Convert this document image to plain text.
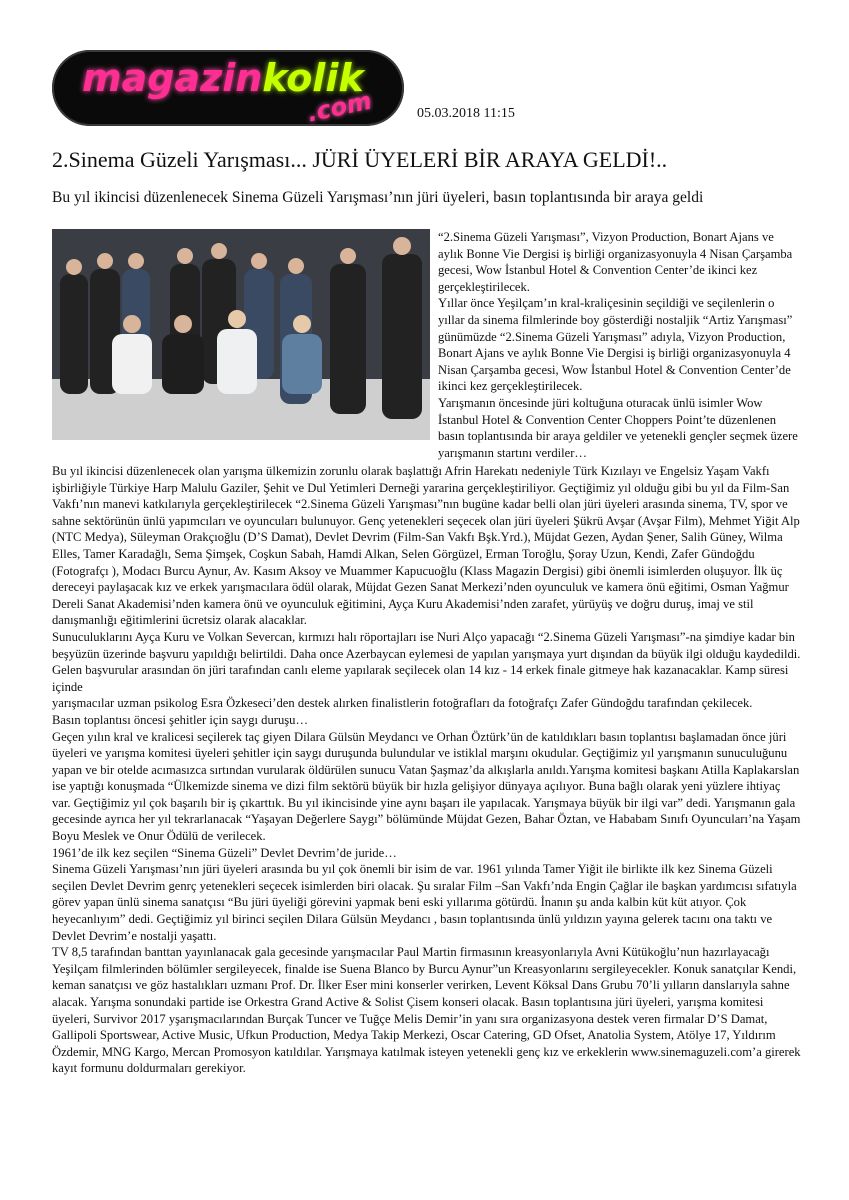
magazinkolik
.com	05.03.2018 11:15
2.Sinema Güzeli Yarışması... JÜRİ ÜYELERİ BİR ARAYA GELDİ!..
Bu yıl ikincisi düzenlenecek Sinema Güzeli Yarışması’nın jüri üyeleri, basın toplantısında bir araya geldi

“2.Sinema Güzeli Yarışması”, Vizyon Production, Bonart Ajans ve aylık Bonne Vie Dergisi iş birliği organizasyonuyla 4 Nisan Çarşamba gecesi, Wow İstanbul Hotel & Convention Center’de ikinci kez gerçekleştirilecek.

Yıllar önce Yeşilçam’ın kral-kraliçesinin seçildiği ve seçilenlerin o yıllar da sinema filmlerinde boy gösterdiği nostaljik “Artiz Yarışması” günümüzde “2.Sinema Güzeli Yarışması” adıyla, Vizyon Production, Bonart Ajans ve aylık Bonne Vie Dergisi iş birliği organizasyonuyla 4 Nisan Çarşamba gecesi, Wow İstanbul Hotel & Convention Center’de ikinci kez gerçekleştirilecek.

Yarışmanın öncesinde jüri koltuğuna oturacak ünlü isimler Wow İstanbul Hotel & Convention Center Choppers Point’te düzenlenen basın toplantısında bir araya geldiler ve yetenekli gençler seçmek üzere yarışmanın startını verdiler…

Bu yıl ikincisi düzenlenecek olan yarışma ülkemizin zorunlu olarak başlattığı Afrin Harekatı nedeniyle Türk Kızılayı ve Engelsiz Yaşam Vakfı işbirliğiyle Türkiye Harp Malulu Gaziler, Şehit ve Dul Yetimleri Derneği yararina gerçekleştiriliyor. Geçtiğimiz yıl olduğu gibi bu yıl da Film-San Vakfı’nın manevi katkılarıyla gerçekleştirilecek “2.Sinema Güzeli Yarışması”nın bugüne kadar belli olan jüri üyeleri arasında sinema, TV, spor ve sahne sektörünün ünlü yapımcıları ve oyuncuları bulunuyor. Genç yetenekleri seçecek olan jüri üyeleri Şükrü Avşar (Avşar Film), Mehmet Yiğit Alp (NTC Medya), Süleyman Orakçıoğlu (D’S Damat), Devlet Devrim (Film-San Vakfı Bşk.Yrd.), Müjdat Gezen, Aydan Şener, Salih Güney, Wilma Elles, Tamer Karadağlı, Sema Şimşek, Coşkun Sabah, Hamdi Alkan, Selen Görgüzel, Erman Toroğlu, Şoray Uzun, Kendi, Zafer Gündoğdu (Fotografçı ), Modacı Burcu Aynur, Av. Kasım Aksoy ve Muammer Kapucuoğlu (Klass Magazin Dergisi) gibi önemli isimlerden oluşuyor. İlk üç dereceyi paylaşacak kız ve erkek yarışmacılara ödül olarak, Müjdat Gezen Sanat Merkezi’nden oyunculuk ve kamera önü eğitimi, Osman Yağmur Dereli Sanat Akademisi’nden kamera önü ve oyunculuk eğitimini, Ayça Kuru Akademisi’nden zarafet, yürüyüş ve doğru duruş, imaj ve stil danışmanlığı eğitimlerini ücretsiz olarak alacaklar.

Sunuculuklarını Ayça Kuru ve Volkan Severcan, kırmızı halı röportajları ise Nuri Alço yapacağı “2.Sinema Güzeli Yarışması”-na şimdiye kadar bin beşyüzün üzerinde başvuru yapıldığı belirtildi. Daha once Azerbaycan eylemesi de yapılan yarışmaya yurt dışından da büyük ilgi olduğu kaydedildi. Gelen başvurular arasından ön jüri tarafından canlı eleme yapılarak seçilecek olan 14 kız - 14 erkek finale gitmeye hak kazanacaklar. Kamp süresi içinde

yarışmacılar uzman psikolog Esra Özkeseci’den destek alırken finalistlerin fotoğrafları da fotoğrafçı Zafer Gündoğdu tarafından çekilecek.

Basın toplantısı öncesi şehitler için saygı duruşu…

Geçen yılın kral ve kralicesi seçilerek taç giyen Dilara Gülsün Meydancı ve Orhan Öztürk’ün de katıldıkları basın toplantısı başlamadan önce jüri üyeleri ve yarışma komitesi üyeleri şehitler için saygı duruşunda bulundular ve istiklal marşını okudular. Geçtiğimiz yıl yarışmanın sunuculuğunu yapan ve bir otelde acımasızca sırtından vurularak öldürülen sunucu Vatan Şaşmaz’da alkışlarla anıldı.Yarışma komitesi başkanı Atilla Kaplakarslan ise yaptığı konuşmada “Ülkemizde sinema ve dizi film sektörü büyük bir hızla gelişiyor dünyaya açılıyor. Buna bağlı olarak yeni yüzlere ihtiyaç var. Geçtiğimiz yıl çok başarılı bir iş çıkarttık. Bu yıl ikincisinde yine aynı başarı ile yapılacak. Yarışmaya büyük bir ilgi var” dedi. Yarışmanın gala gecesinde ayrıca her yıl tekrarlanacak “Yaşayan Değerlere Saygı” bölümünde Müjdat Gezen, Bahar Öztan, ve Hababam Sınıfı Oyuncuları’na Yaşam Boyu Meslek ve Onur Ödülü de verilecek.

1961’de ilk kez seçilen “Sinema Güzeli” Devlet Devrim’de juride…

Sinema Güzeli Yarışması’nın jüri üyeleri arasında bu yıl çok önemli bir isim de var. 1961 yılında Tamer Yiğit ile birlikte ilk kez Sinema Güzeli seçilen Devlet Devrim genrç yetenekleri seçecek isimlerden biri olacak. Şu sıralar Film –San Vakfı’nda Engin Çağlar ile başkan yardımcısı sıfatıyla görev yapan ünlü sinema sanatçısı “Bu jüri üyeliği görevini yapmak beni eski yıllarıma götürdü. İnanın şu anda kalbin küt küt atıyor. Çok heyecanlıyım” dedi. Geçtiğimiz yıl birinci seçilen Dilara Gülsün Meydancı , basın toplantısında ünlü yıldızın yayına gelerek tacını ona taktı ve Devlet Devrim’e nostalji yaşattı.

TV 8,5 tarafından banttan yayınlanacak gala gecesinde yarışmacılar Paul Martin firmasının kreasyonlarıyla Avni Kütükoğlu’nun hazırlayacağı Yeşilçam filmlerinden bölümler sergileyecek, finalde ise Suena Blanco by Burcu Aynur”un Kreasyonlarını sergileyecekler. Konuk sanatçılar Kendi, keman sanatçısı ve göz hastalıkları uzmanı Prof. Dr. İlker Eser mini konserler verirken, Levent Köksal Dans Grubu 70’li yılların danslarıyla sahne alacak. Yarışma sonundaki partide ise Orkestra Grand Active & Solist Çisem konseri olacak. Basın toplantısına jüri üyeleri, yarışma komitesi üyeleri, Survivor 2017 yşarışmacılarından Burçak Tuncer ve Tuğçe Melis Demir’in yanı sıra organizasyona destek veren firmalar D’S Damat, Gallipoli Sportswear, Active Music, Ufkun Production, Medya Takip Merkezi, Oscar Catering, GD Ofset, Anatolia System, Atölye 17, Yıldırım Özdemir, MNG Kargo, Mercan Promosyon katıldılar. Yarışmaya katılmak isteyen yetenekli genç kız ve erkeklerin www.sinemaguzeli.com’a girerek kayıt formunu doldurmaları gerekiyor.
